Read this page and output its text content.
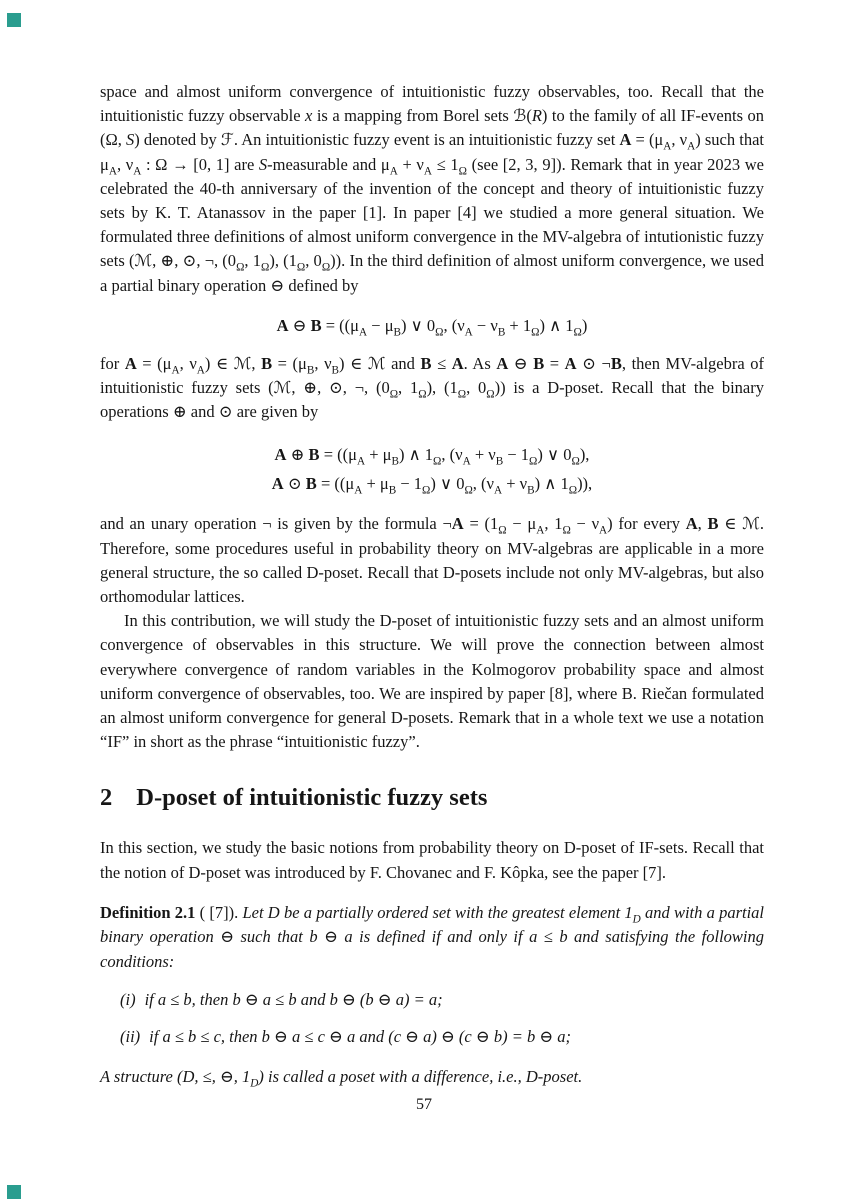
space and almost uniform convergence of intuitionistic fuzzy observables, too. Recall that the intuitionistic fuzzy observable x is a mapping from Borel sets ℬ(R) to the family of all IF-events on (Ω, S) denoted by ℱ. An intuitionistic fuzzy event is an intuitionistic fuzzy set $A = (\mu_A$, $\nu_A$) such that $\mu_A$, $\nu_A$ : Ω → [0, 1] are S-measurable and $\mu_A + \nu_A \le 1_\Omega$ (see [2, 3, 9]). Remark that in year 2023 we celebrated the 40-th anniversary of the invention of the concept and theory of intuitionistic fuzzy sets by K. T. Atanassov in the paper [1]. In paper [4] we studied a more general situation. We formulated three definitions of almost uniform convergence in the MV-algebra of intutionistic fuzzy sets (ℳ, ⊕, ⊙, ¬, ($0_\Omega$, $1_\Omega$), ($1_\Omega$, $0_\Omega$)). In the third definition of almost uniform convergence, we used a partial binary operation ⊖ defined by

A ⊖ $B = ((\mu_A - \mu_B)$ ∨ $0_\Omega$, $(\nu_A - \nu_B + 1_\Omega)$ ∧ $1_\Omega$)

for $A = (\mu_A$, $\nu_A$) ∈ ℳ, $B = (\mu_B$, $\nu_B$) ∈ ℳ and B ≤ A. As A ⊖ B = A ⊙ ¬B, then MV-algebra of intuitionistic fuzzy sets (ℳ, ⊕, ⊙, ¬, ($0_\Omega$, $1_\Omega$), ($1_\Omega$, $0_\Omega$)) is a D-poset. Recall that the binary operations ⊕ and ⊙ are given by

A ⊕ $B = ((\mu_A + \mu_B)$ ∧ $1_\Omega$, $(\nu_A + \nu_B - 1_\Omega)$ ∨ $0_\Omega$),
A ⊙ $B = ((\mu_A + \mu_B - 1_\Omega)$ ∨ $0_\Omega$, $(\nu_A + \nu_B)$ ∧ $1_\Omega$)),

and an unary operation ¬ is given by the formula ¬A = ($1_\Omega - \mu_A$, $1_\Omega - \nu_A$) for every A, B ∈ ℳ. Therefore, some procedures useful in probability theory on MV-algebras are applicable in a more general structure, the so called D-poset. Recall that D-posets include not only MV-algebras, but also orthomodular lattices.

In this contribution, we will study the D-poset of intuitionistic fuzzy sets and an almost uniform convergence of observables in this structure. We will prove the connection between almost everywhere convergence of random variables in the Kolmogorov probability space and almost uniform convergence of observables, too. We are inspired by paper [8], where B. Riečan formulated an almost uniform convergence for general D-posets. Remark that in a whole text we use a notation “IF” in short as the phrase “intuitionistic fuzzy”.

2 D-poset of intuitionistic fuzzy sets

In this section, we study the basic notions from probability theory on D-poset of IF-sets. Recall that the notion of D-poset was introduced by F. Chovanec and F. Kôpka, see the paper [7].

Definition 2.1 ( [7]). Let D be a partially ordered set with the greatest element $1_D$ and with a partial binary operation ⊖ such that b ⊖ a is defined if and only if a ≤ b and satisfying the following conditions:

(i) if a ≤ b, then b ⊖ a ≤ b and b ⊖ (b ⊖ a) = a;
(ii) if a ≤ b ≤ c, then b ⊖ a ≤ c ⊖ a and (c ⊖ a) ⊖ (c ⊖ b) = b ⊖ a;

A structure (D, ≤, ⊖, $1_D$) is called a poset with a difference, i.e., D-poset.

57
